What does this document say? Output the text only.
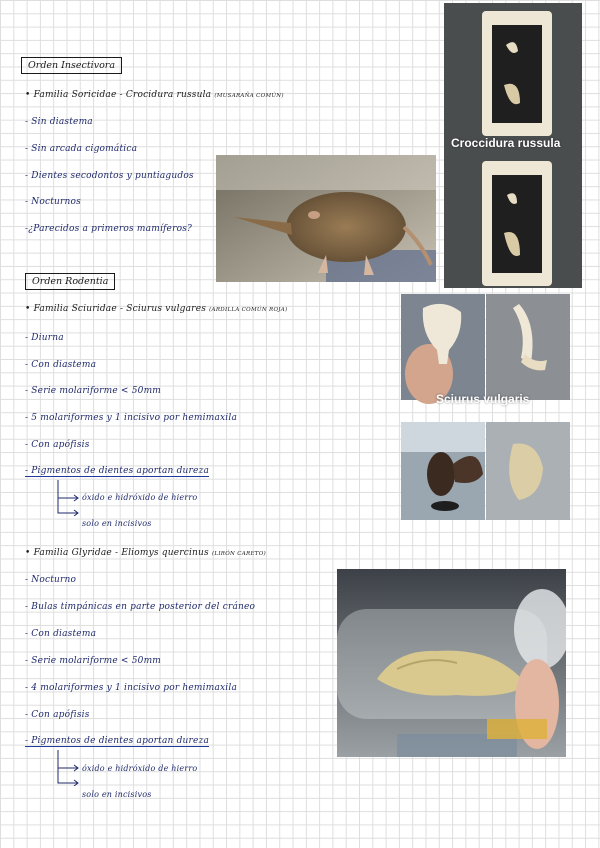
Orden Insectivora
• Familia Soricidae - Crocidura russula (MUSARAÑA COMÚN)
- Sin diastema
- Sin arcada cigomática
- Dientes secodontos y puntiagudos
- Nocturnos
-¿Parecidos a primeros mamíferos?
Croccidura russula
Orden Rodentia
• Familia Sciuridae - Sciurus vulgares (ARDILLA COMÚN ROJA)
- Diurna
- Con diastema
- Serie molariforme < 50mm
- 5 molariformes y 1 incisivo por hemimaxila
- Con apófisis
- Pigmentos de dientes aportan dureza
óxido e hidróxido de hierro
solo en incisivos
Sciurus vulgaris
• Familia Glyridae - Eliomys quercinus (LIRÓN CARETO)
- Nocturno
- Bulas timpánicas en parte posterior del cráneo
- Con diastema
- Serie molariforme < 50mm
- 4 molariformes y 1 incisivo por hemimaxila
- Con apófisis
- Pigmentos de dientes aportan dureza
óxido e hidróxido de hierro
solo en incisivos
